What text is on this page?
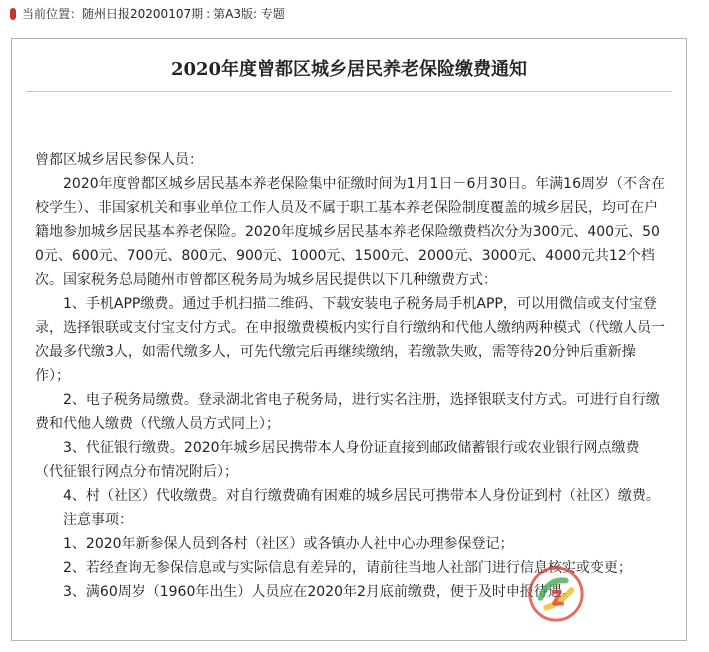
当前位置：随州日报20200107期 : 第A3版: 专题
2020年度曾都区城乡居民养老保险缴费通知

曾都区城乡居民参保人员：

2020年度曾都区城乡居民基本养老保险集中征缴时间为1月1日－6月30日。年满16周岁（不含在校学生）、非国家机关和事业单位工作人员及不属于职工基本养老保险制度覆盖的城乡居民，均可在户籍地参加城乡居民基本养老保险。2020年度城乡居民基本养老保险缴费档次分为300元、400元、500元、600元、700元、800元、900元、1000元、1500元、2000元、3000元、4000元共12个档次。国家税务总局随州市曾都区税务局为城乡居民提供以下几种缴费方式：

1、手机APP缴费。通过手机扫描二维码、下载安装电子税务局手机APP，可以用微信或支付宝登录，选择银联或支付宝支付方式。在申报缴费模板内实行自行缴纳和代他人缴纳两种模式（代缴人员一次最多代缴3人，如需代缴多人，可先代缴完后再继续缴纳，若缴款失败，需等待20分钟后重新操作）；

2、电子税务局缴费。登录湖北省电子税务局，进行实名注册，选择银联支付方式。可进行自行缴费和代他人缴费（代缴人员方式同上）；

3、代征银行缴费。2020年城乡居民携带本人身份证直接到邮政储蓄银行或农业银行网点缴费（代征银行网点分布情况附后）；

4、村（社区）代收缴费。对自行缴费确有困难的城乡居民可携带本人身份证到村（社区）缴费。

注意事项：

1、2020年新参保人员到各村（社区）或各镇办人社中心办理参保登记；

2、若经查询无参保信息或与实际信息有差异的，请前往当地人社部门进行信息核实或变更；

3、满60周岁（1960年出生）人员应在2020年2月底前缴费，便于及时申报待遇。
